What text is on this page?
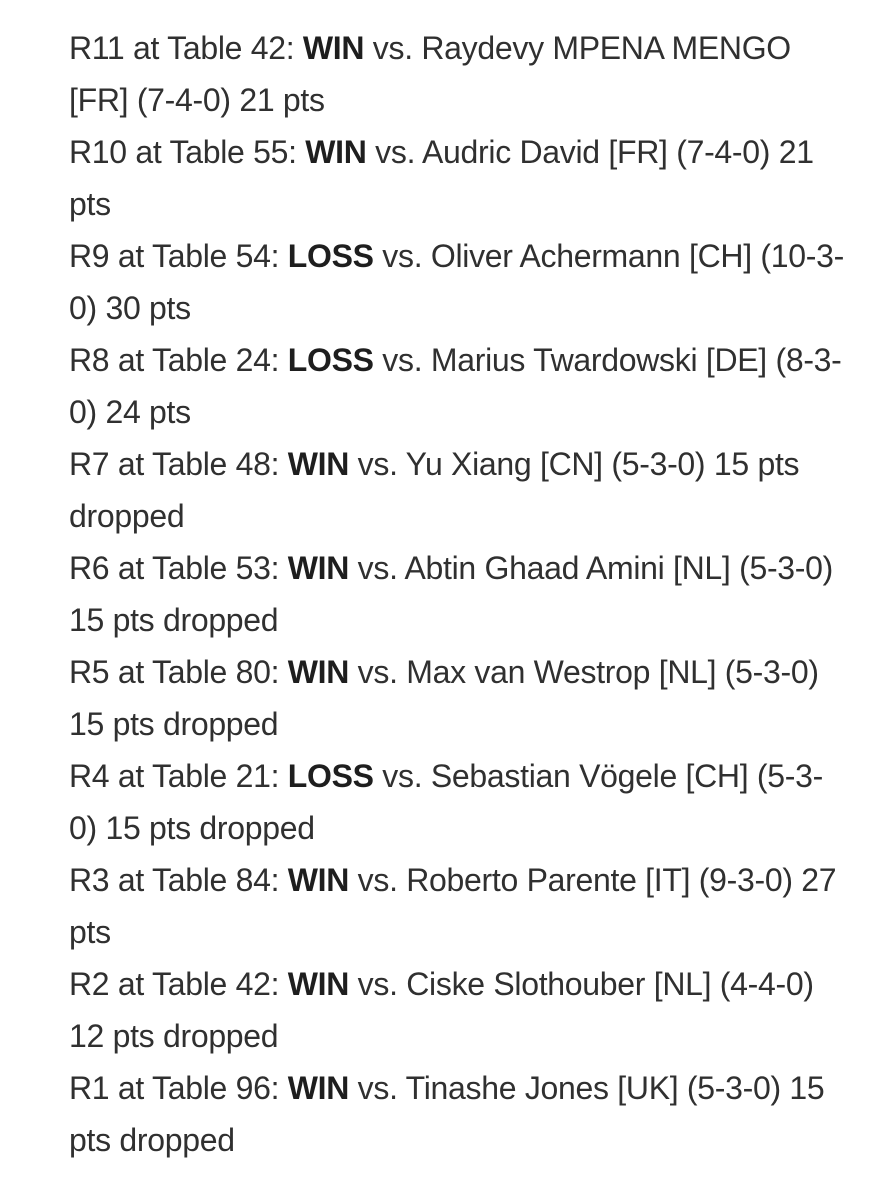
R11 at Table 42: WIN vs. Raydevy MPENA MENGO [FR] (7-4-0) 21 pts
R10 at Table 55: WIN vs. Audric David [FR] (7-4-0) 21 pts
R9 at Table 54: LOSS vs. Oliver Achermann [CH] (10-3-0) 30 pts
R8 at Table 24: LOSS vs. Marius Twardowski [DE] (8-3-0) 24 pts
R7 at Table 48: WIN vs. Yu Xiang [CN] (5-3-0) 15 pts dropped
R6 at Table 53: WIN vs. Abtin Ghaad Amini [NL] (5-3-0) 15 pts dropped
R5 at Table 80: WIN vs. Max van Westrop [NL] (5-3-0) 15 pts dropped
R4 at Table 21: LOSS vs. Sebastian Vögele [CH] (5-3-0) 15 pts dropped
R3 at Table 84: WIN vs. Roberto Parente [IT] (9-3-0) 27 pts
R2 at Table 42: WIN vs. Ciske Slothouber [NL] (4-4-0) 12 pts dropped
R1 at Table 96: WIN vs. Tinashe Jones [UK] (5-3-0) 15 pts dropped
